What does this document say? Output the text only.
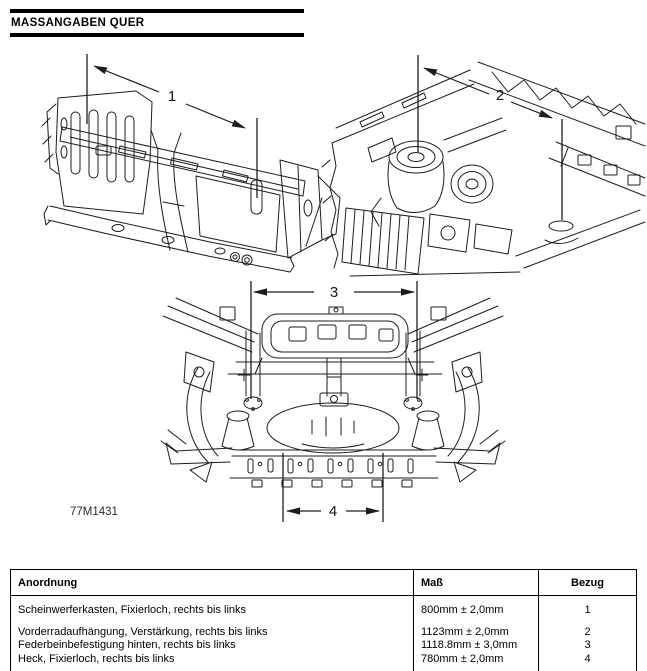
1	2
3
4
77M1431
MASSANGABEN QUER
Anordnung	Maß	Bezug
Scheinwerferkasten, Fixierloch, rechts bis links	800mm ± 2,0mm	1
Vorderradaufhängung, Verstärkung, rechts bis links	1123mm ± 2,0mm	2
Federbeinbefestigung hinten, rechts bis links	1118.8mm ± 3,0mm	3
Heck, Fixierloch, rechts bis links	780mm ± 2,0mm	4
